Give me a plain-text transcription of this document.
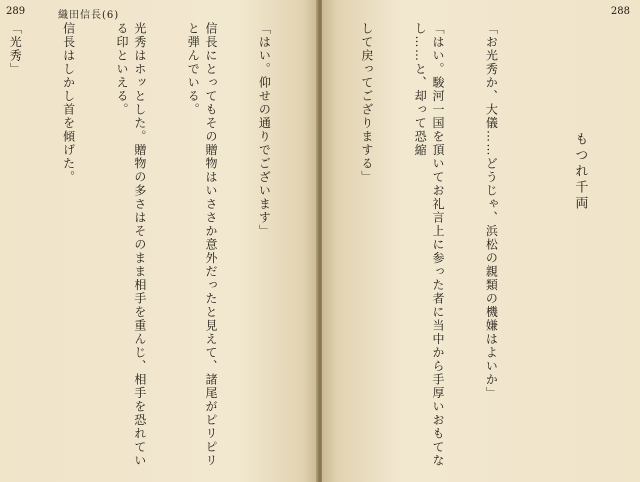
289	織田信長(6)

「はい。仰せの通りでございます」

信長にとってもその贈物はいささか意外だったと見えて、諸尾がピリピリと弾んでいる。

光秀はホッとした。贈物の多さはそのまま相手を重んじ、相手を恐れている印といえる。

信長はしかし首を傾げた。

「光秀」

288

もつれ千両

「お光秀か、大儀……どうじゃ、浜松の親類の機嫌はよいか」

「はい。駿河一国を頂いてお礼言上に参った者に当中から手厚いおもてなし……と、却って恐縮

して戻ってござりまする」
